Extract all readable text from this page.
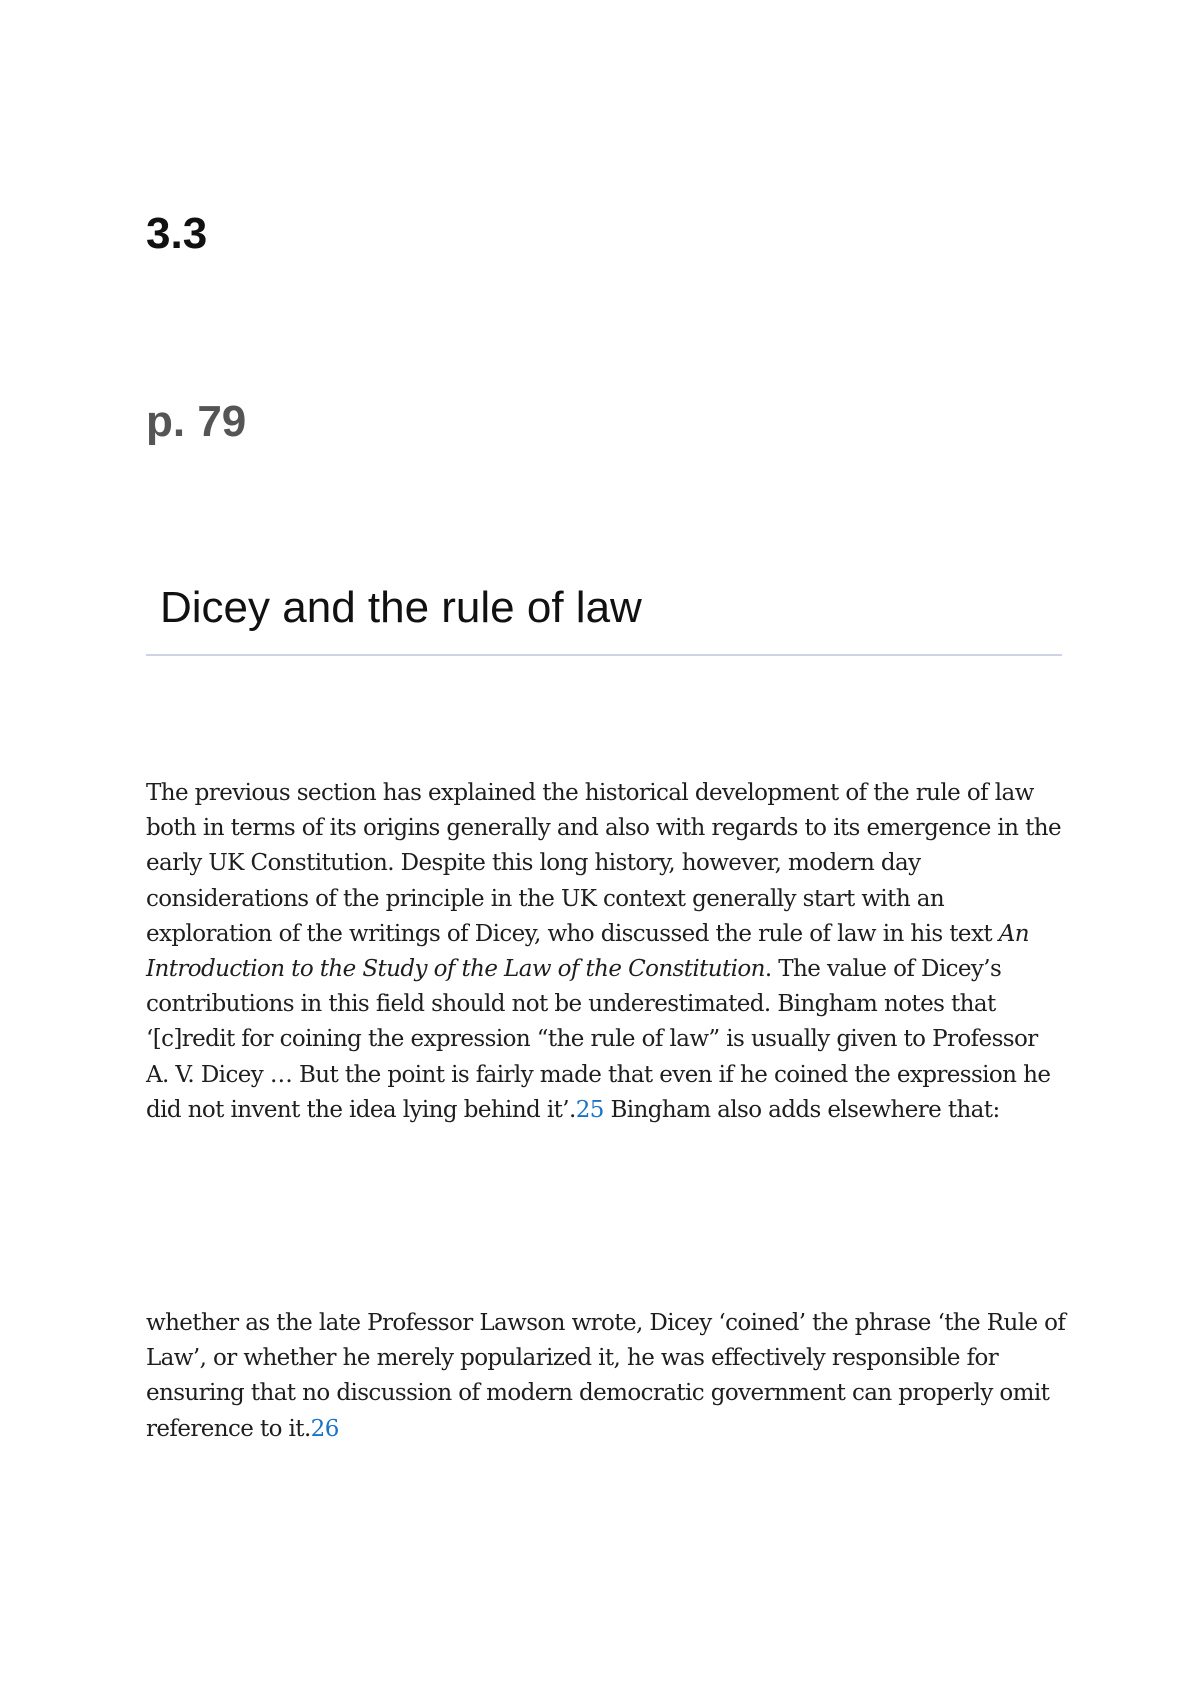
3.3
p. 79
Dicey and the rule of law

The previous section has explained the historical development of the rule of law both in terms of its origins generally and also with regards to its emergence in the early UK Constitution. Despite this long history, however, modern day considerations of the principle in the UK context generally start with an exploration of the writings of Dicey, who discussed the rule of law in his text An Introduction to the Study of the Law of the Constitution. The value of Dicey’s contributions in this field should not be underestimated. Bingham notes that ‘[c]redit for coining the expression “the rule of law” is usually given to Professor A. V. Dicey … But the point is fairly made that even if he coined the expression he did not invent the idea lying behind it’.25 Bingham also adds elsewhere that:

whether as the late Professor Lawson wrote, Dicey ‘coined’ the phrase ‘the Rule of Law’, or whether he merely popularized it, he was effectively responsible for ensuring that no discussion of modern democratic government can properly omit reference to it.26
